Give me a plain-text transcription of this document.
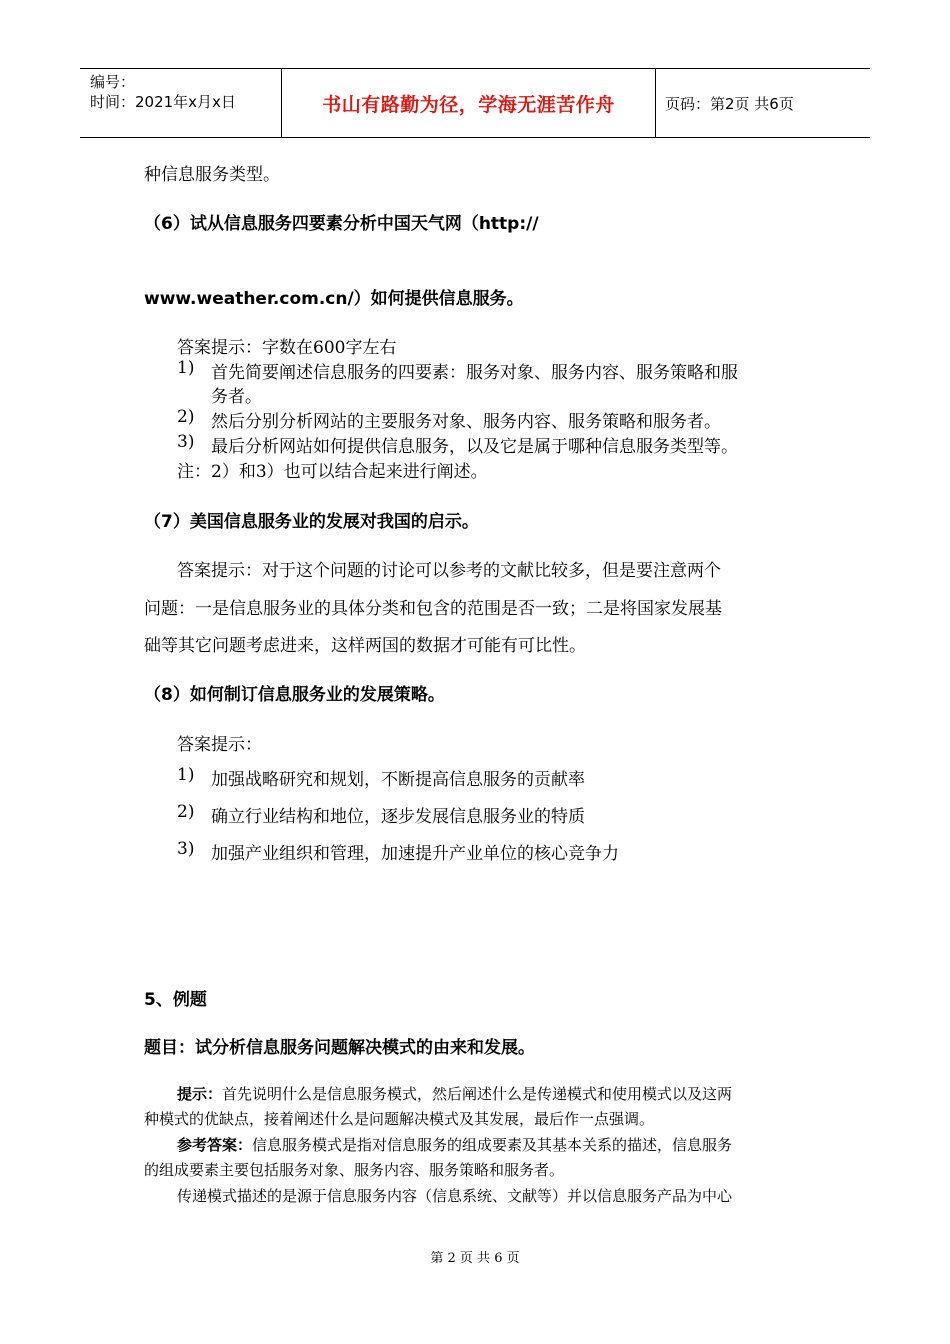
编号：
时间：2021年x月x日	书山有路勤为径，学海无涯苦作舟	页码：第2页 共6页
种信息服务类型。
（6）试从信息服务四要素分析中国天气网（http://
www.weather.com.cn/）如何提供信息服务。
答案提示：字数在600字左右
1) 首先简要阐述信息服务的四要素：服务对象、服务内容、服务策略和服
务者。
2) 然后分别分析网站的主要服务对象、服务内容、服务策略和服务者。
3) 最后分析网站如何提供信息服务，以及它是属于哪种信息服务类型等。
注：2）和3）也可以结合起来进行阐述。
（7）美国信息服务业的发展对我国的启示。
答案提示：对于这个问题的讨论可以参考的文献比较多，但是要注意两个
问题：一是信息服务业的具体分类和包含的范围是否一致；二是将国家发展基
础等其它问题考虑进来，这样两国的数据才可能有可比性。
（8）如何制订信息服务业的发展策略。
答案提示：
1) 加强战略研究和规划，不断提高信息服务的贡献率
2) 确立行业结构和地位，逐步发展信息服务业的特质
3) 加强产业组织和管理，加速提升产业单位的核心竞争力
5、例题
题目：试分析信息服务问题解决模式的由来和发展。
提示：首先说明什么是信息服务模式，然后阐述什么是传递模式和使用模式以及这两
种模式的优缺点，接着阐述什么是问题解决模式及其发展，最后作一点强调。
参考答案：信息服务模式是指对信息服务的组成要素及其基本关系的描述，信息服务
的组成要素主要包括服务对象、服务内容、服务策略和服务者。
传递模式描述的是源于信息服务内容（信息系统、文献等）并以信息服务产品为中心
第 2 页 共 6 页
